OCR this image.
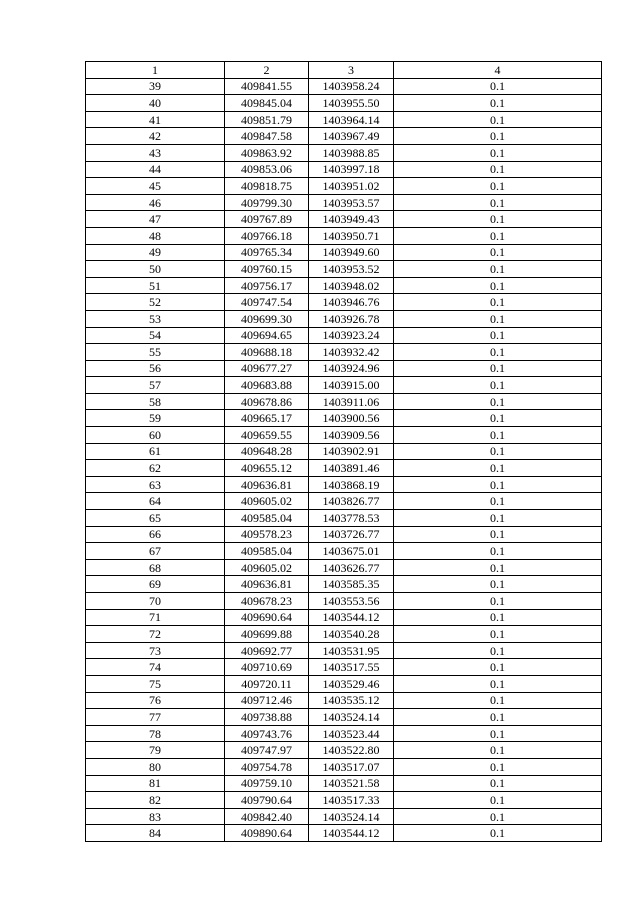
1	2	3	4
39	409841.55	1403958.24	0.1
40	409845.04	1403955.50	0.1
41	409851.79	1403964.14	0.1
42	409847.58	1403967.49	0.1
43	409863.92	1403988.85	0.1
44	409853.06	1403997.18	0.1
45	409818.75	1403951.02	0.1
46	409799.30	1403953.57	0.1
47	409767.89	1403949.43	0.1
48	409766.18	1403950.71	0.1
49	409765.34	1403949.60	0.1
50	409760.15	1403953.52	0.1
51	409756.17	1403948.02	0.1
52	409747.54	1403946.76	0.1
53	409699.30	1403926.78	0.1
54	409694.65	1403923.24	0.1
55	409688.18	1403932.42	0.1
56	409677.27	1403924.96	0.1
57	409683.88	1403915.00	0.1
58	409678.86	1403911.06	0.1
59	409665.17	1403900.56	0.1
60	409659.55	1403909.56	0.1
61	409648.28	1403902.91	0.1
62	409655.12	1403891.46	0.1
63	409636.81	1403868.19	0.1
64	409605.02	1403826.77	0.1
65	409585.04	1403778.53	0.1
66	409578.23	1403726.77	0.1
67	409585.04	1403675.01	0.1
68	409605.02	1403626.77	0.1
69	409636.81	1403585.35	0.1
70	409678.23	1403553.56	0.1
71	409690.64	1403544.12	0.1
72	409699.88	1403540.28	0.1
73	409692.77	1403531.95	0.1
74	409710.69	1403517.55	0.1
75	409720.11	1403529.46	0.1
76	409712.46	1403535.12	0.1
77	409738.88	1403524.14	0.1
78	409743.76	1403523.44	0.1
79	409747.97	1403522.80	0.1
80	409754.78	1403517.07	0.1
81	409759.10	1403521.58	0.1
82	409790.64	1403517.33	0.1
83	409842.40	1403524.14	0.1
84	409890.64	1403544.12	0.1
